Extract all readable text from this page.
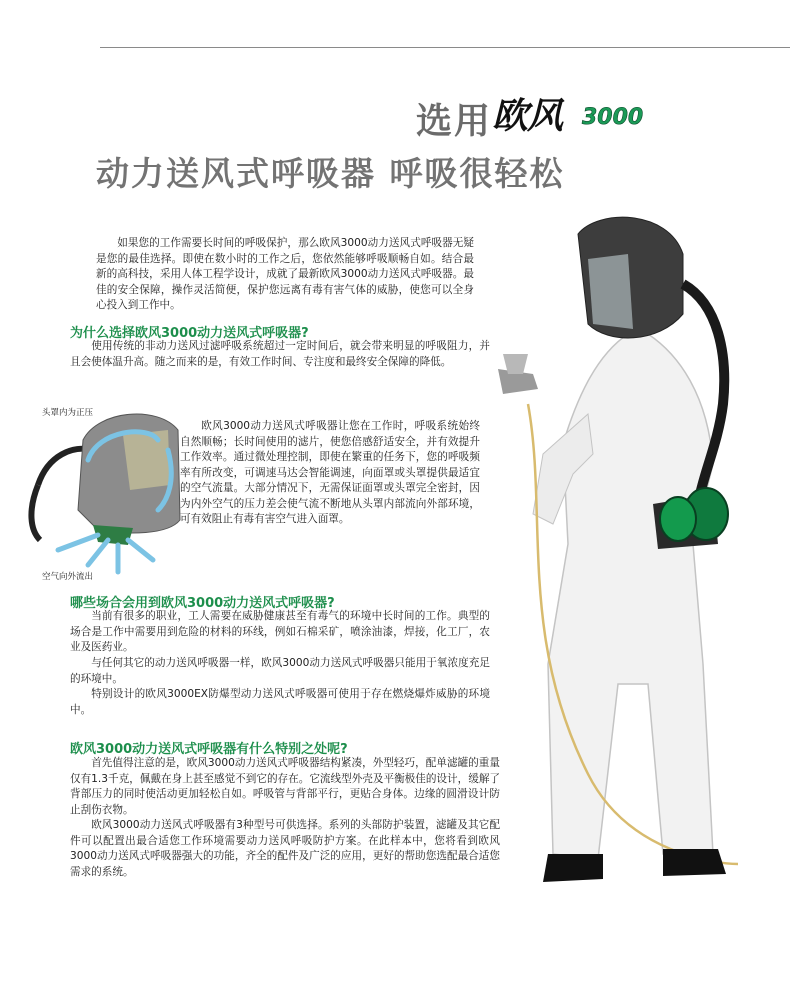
选用 欧风 3000
动力送风式呼吸器 呼吸很轻松

如果您的工作需要长时间的呼吸保护，那么欧风3000动力送风式呼吸器无疑是您的最佳选择。即使在数小时的工作之后，您依然能够呼吸顺畅自如。结合最新的高科技，采用人体工程学设计，成就了最新欧风3000动力送风式呼吸器。最佳的安全保障，操作灵活简便，保护您远离有毒有害气体的威胁，使您可以全身心投入到工作中。

为什么选择欧风3000动力送风式呼吸器?

使用传统的非动力送风过滤呼吸系统超过一定时间后，就会带来明显的呼吸阻力，并且会使体温升高。随之而来的是，有效工作时间、专注度和最终安全保障的降低。

头罩内为正压
空气向外流出

欧风3000动力送风式呼吸器让您在工作时，呼吸系统始终自然顺畅；长时间使用的滤片，使您倍感舒适安全，并有效提升工作效率。通过微处理控制，即使在繁重的任务下，您的呼吸频率有所改变，可调速马达会智能调速，向面罩或头罩提供最适宜的空气流量。大部分情况下，无需保证面罩或头罩完全密封，因为内外空气的压力差会使气流不断地从头罩内部流向外部环境，可有效阻止有毒有害空气进入面罩。

哪些场合会用到欧风3000动力送风式呼吸器?

当前有很多的职业，工人需要在威胁健康甚至有毒气的环境中长时间的工作。典型的场合是工作中需要用到危险的材料的环线，例如石棉采矿，喷涂油漆，焊接，化工厂，农业及医药业。

与任何其它的动力送风呼吸器一样，欧风3000动力送风式呼吸器只能用于氧浓度充足的环境中。

特别设计的欧风3000EX防爆型动力送风式呼吸器可使用于存在燃烧爆炸威胁的环境中。

欧风3000动力送风式呼吸器有什么特别之处呢?

首先值得注意的是，欧风3000动力送风式呼吸器结构紧凑，外型轻巧，配单滤罐的重量仅有1.3千克，佩戴在身上甚至感觉不到它的存在。它流线型外壳及平衡极佳的设计，缓解了背部压力的同时使活动更加轻松自如。呼吸管与背部平行，更贴合身体。边缘的圆滑设计防止刮伤衣物。

欧风3000动力送风式呼吸器有3种型号可供选择。系列的头部防护装置，滤罐及其它配件可以配置出最合适您工作环境需要动力送风呼吸防护方案。在此样本中，您将看到欧风3000动力送风式呼吸器强大的功能，齐全的配件及广泛的应用，更好的帮助您选配最合适您需求的系统。
